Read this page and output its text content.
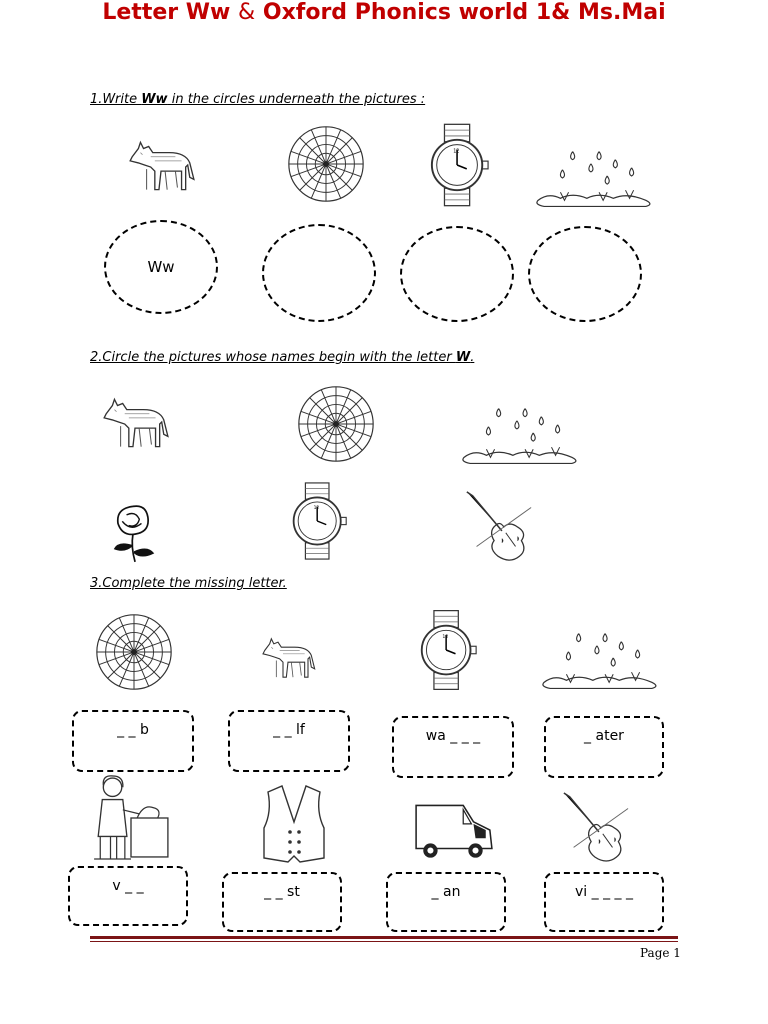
Letter Ww & Oxford Phonics world 1& Ms.Mai
1.Write Ww in the circles underneath the pictures :
Ww
2.Circle the pictures whose names begin with the letter W.
3.Complete the missing letter.
_ _ b	_ _ lf	wa _ _ _	_ ater
v _ _	_ _ st	_ an	vi _ _ _ _
Page 1
